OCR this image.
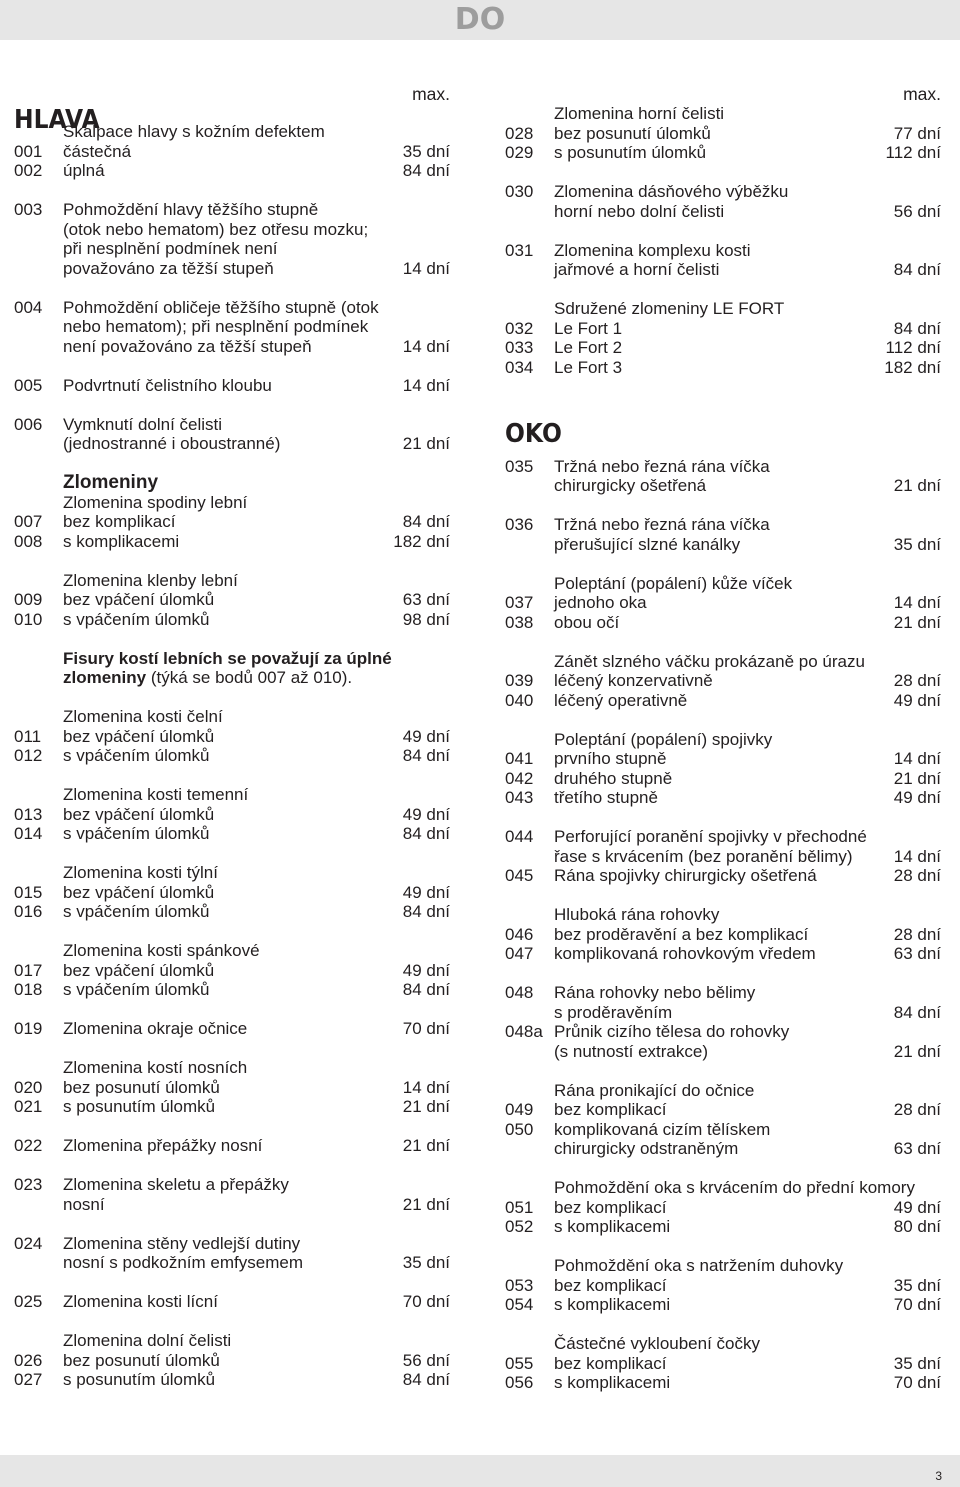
DO
HLAVA
max.
Skalpace hlavy s kožním defektem
001 částečná	35 dní
002 úplná	84 dní
003 Pohmoždění hlavy těžšího stupně
(otok nebo hematom) bez otřesu mozku;
při nesplnění podmínek není
považováno za těžší stupeň	14 dní
004 Pohmoždění obličeje těžšího stupně (otok
nebo hematom); při nesplnění podmínek
není považováno za těžší stupeň	14 dní
005 Podvrtnutí čelistního kloubu	14 dní
006 Vymknutí dolní čelisti
(jednostranné i oboustranné)	21 dní
Zlomeniny
Zlomenina spodiny lební
007 bez komplikací	84 dní
008 s komplikacemi	182 dní
Zlomenina klenby lební
009 bez vpáčení úlomků	63 dní
010 s vpáčením úlomků	98 dní
Fisury kostí lebních se považují za úplné
zlomeniny (týká se bodů 007 až 010).
Zlomenina kosti čelní
011 bez vpáčení úlomků	49 dní
012 s vpáčením úlomků	84 dní
Zlomenina kosti temenní
013 bez vpáčení úlomků	49 dní
014 s vpáčením úlomků	84 dní
Zlomenina kosti týlní
015 bez vpáčení úlomků	49 dní
016 s vpáčením úlomků	84 dní
Zlomenina kosti spánkové
017 bez vpáčení úlomků	49 dní
018 s vpáčením úlomků	84 dní
019 Zlomenina okraje očnice	70 dní
Zlomenina kostí nosních
020 bez posunutí úlomků	14 dní
021 s posunutím úlomků	21 dní
022 Zlomenina přepážky nosní	21 dní
023 Zlomenina skeletu a přepážky
nosní	21 dní
024 Zlomenina stěny vedlejší dutiny
nosní s podkožním emfysemem	35 dní
025 Zlomenina kosti lícní	70 dní
Zlomenina dolní čelisti
026 bez posunutí úlomků	56 dní
027 s posunutím úlomků	84 dní
max.
Zlomenina horní čelisti
028 bez posunutí úlomků	77 dní
029 s posunutím úlomků	112 dní
030 Zlomenina dásňového výběžku
horní nebo dolní čelisti	56 dní
031 Zlomenina komplexu kosti
jařmové a horní čelisti	84 dní
Sdružené zlomeniny LE FORT
032 Le Fort 1	84 dní
033 Le Fort 2	112 dní
034 Le Fort 3	182 dní
OKO
035 Tržná nebo řezná rána víčka
chirurgicky ošetřená	21 dní
036 Tržná nebo řezná rána víčka
přerušující slzné kanálky	35 dní
Poleptání (popálení) kůže víček
037 jednoho oka	14 dní
038 obou očí	21 dní
Zánět slzného váčku prokázaně po úrazu
039 léčený konzervativně	28 dní
040 léčený operativně	49 dní
Poleptání (popálení) spojivky
041 prvního stupně	14 dní
042 druhého stupně	21 dní
043 třetího stupně	49 dní
044 Perforující poranění spojivky v přechodné
řase s krvácením (bez poranění bělimy) 14 dní
045 Rána spojivky chirurgicky ošetřená	28 dní
Hluboká rána rohovky
046 bez proděravění a bez komplikací	28 dní
047 komplikovaná rohovkovým vředem	63 dní
048 Rána rohovky nebo bělimy
s proděravěním	84 dní
048a Průnik cizího tělesa do rohovky
(s nutností extrakce)	21 dní
Rána pronikající do očnice
049 bez komplikací	28 dní
050 komplikovaná cizím tělískem
chirurgicky odstraněným	63 dní
Pohmoždění oka s krvácením do přední komory
051 bez komplikací	49 dní
052 s komplikacemi	80 dní
Pohmoždění oka s natržením duhovky
053 bez komplikací	35 dní
054 s komplikacemi	70 dní
Částečné vykloubení čočky
055 bez komplikací	35 dní
056 s komplikacemi	70 dní
3
